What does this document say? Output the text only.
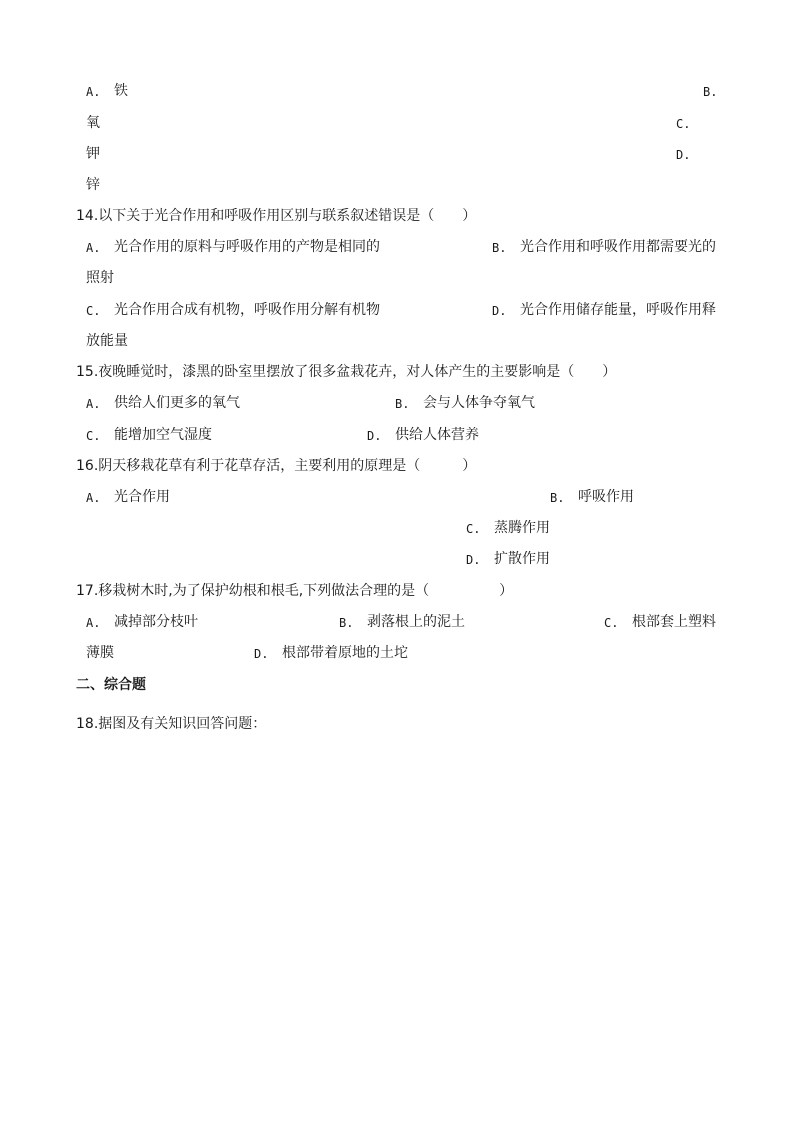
A. 铁	B.
氧	C.
钾	D.
锌
14.以下关于光合作用和呼吸作用区别与联系叙述错误是（　　）
A. 光合作用的原料与呼吸作用的产物是相同的	B. 光合作用和呼吸作用都需要光的
照射
C. 光合作用合成有机物，呼吸作用分解有机物	D. 光合作用储存能量，呼吸作用释
放能量
15.夜晚睡觉时，漆黑的卧室里摆放了很多盆栽花卉，对人体产生的主要影响是（　　）
A. 供给人们更多的氧气	B. 会与人体争夺氧气
C. 能增加空气湿度	D. 供给人体营养
16.阴天移栽花草有利于花草存活，主要利用的原理是（　　　）
A. 光合作用	B. 呼吸作用
C. 蒸腾作用
D. 扩散作用
17.移栽树木时,为了保护幼根和根毛,下列做法合理的是（　　　　　）
A. 减掉部分枝叶	B. 剥落根上的泥土	C. 根部套上塑料
薄膜	D. 根部带着原地的土坨
二、综合题
18.据图及有关知识回答问题：
